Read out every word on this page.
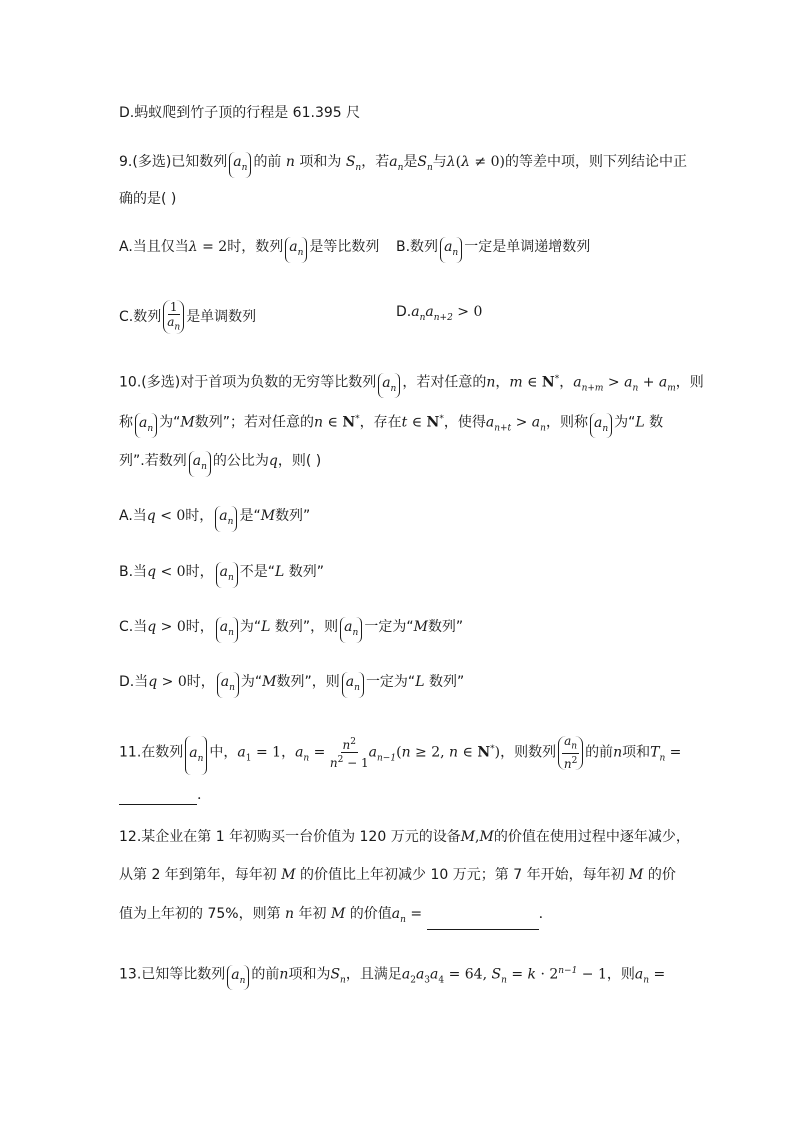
D.蚂蚁爬到竹子顶的行程是 61.395 尺
9.(多选)已知数列 $a_n$ 的前 n 项和为 $S_n$，若$a_n$是$S_n$与λ(λ ≠ 0)的等差中项，则下列结论中正
确的是( )
A.当且仅当λ = 2时，数列 $a_n$ 是等比数列 B.数列 $a_n$ 一定是单调递增数列
C.数列 $\frac{1}{a_n}$ 是单调数列	$D.a_na_{n+2} > 0$
10.(多选)对于首项为负数的无穷等比数列 $a_n$ ，若对任意的n，m ∈ N*，$a_{n+m} > a_n + a_m$，则
称 $a_n$ 为“M数列”；若对任意的n ∈ N*，存在t ∈ N*，使得$a_{n+t} > a_n$，则称 $a_n$ 为“L 数
列”.若数列 $a_n$ 的公比为q，则( )
A.当q < 0时， $a_n$ 是“M数列”
B.当q < 0时， $a_n$ 不是“L 数列”
C.当q > 0时， $a_n$ 为“L 数列”，则 $a_n$ 一定为“M数列”
D.当q > 0时， $a_n$ 为“M数列”，则 $a_n$ 一定为“L 数列”
11.在数列 $a_n$ 中，$a_1 = 1$，$a_n = \frac{n^2}{n^2 - 1} a_{n-1}(n \ge 2$, n ∈ N*)，则数列 $\frac{a_n}{n^2}$ 的前n项和$T_n$ =
.
12.某企业在第 1 年初购买一台价值为 120 万元的设备M,M的价值在使用过程中逐年减少，
从第 2 年到第年，每年初 M 的价值比上年初减少 10 万元；第 7 年开始，每年初 M 的价
值为上年初的 75%，则第 n 年初 M 的价值$a_n$ =	.
13.已知等比数列 $a_n$ 的前n项和为$S_n$，且满足$a_2a_3a_4 = 64$, $S_n = k \cdot 2^{n-1} - 1$，则$a_n$ =
